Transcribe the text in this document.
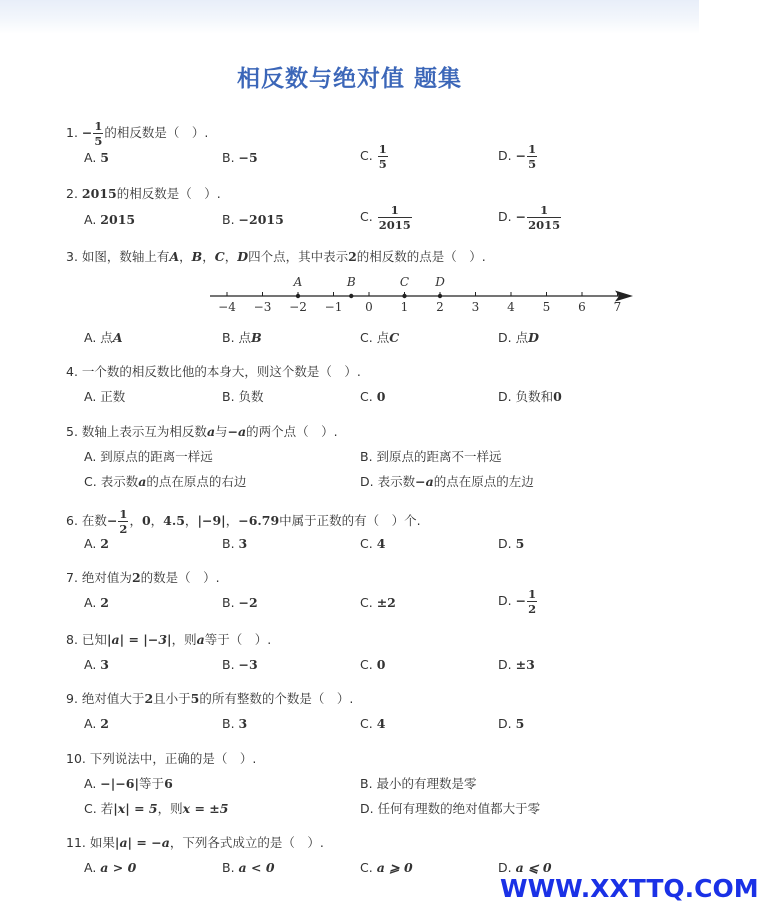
相反数与绝对值 题集
1. − $\frac{1}{5}$ 的相反数是（　）.
A. 5	B. −5	C. $\frac{1}{5}$	D. − $\frac{1}{5}$
2. 2015的相反数是（　）.
A. 2015	B. −2015	C. $\frac{1}{2015}$	D. − $\frac{1}{2015}$
3. 如图，数轴上有A，B，C，D四个点，其中表示2的相反数的点是（　）.
−4 −3 −2 −1 0 1 2 3 4 5 6 7
A	B	C D
A. 点A	B. 点B	C. 点C	D. 点D
4. 一个数的相反数比他的本身大，则这个数是（　）.
A. 正数	B. 负数	C. 0	D. 负数和0
5. 数轴上表示互为相反数a与−a的两个点（　）.
A. 到原点的距离一样远	B. 到原点的距离不一样远
C. 表示数a的点在原点的右边	D. 表示数−a的点在原点的左边
6. 在数− $\frac{1}{2}$ ，0，4.5，|−9|，−6.79中属于正数的有（　）个.
A. 2	B. 3	C. 4	D. 5
7. 绝对值为2的数是（　）.
A. 2	B. −2	C. ±2	D. − $\frac{1}{2}$
8. 已知|a| = |−3|，则a等于（　）.
A. 3	B. −3	C. 0	D. ±3
9. 绝对值大于2且小于5的所有整数的个数是（　）.
A. 2	B. 3	C. 4	D. 5
10. 下列说法中，正确的是（　）.
A. −|−6|等于6	B. 最小的有理数是零
C. 若|x| = 5，则x = ±5	D. 任何有理数的绝对值都大于零
11. 如果|a| = −a，下列各式成立的是（　）.
A. a > 0	B. a < 0	C. a ⩾ 0	D. a ⩽ 0
WWW.XXTTQ.COM
